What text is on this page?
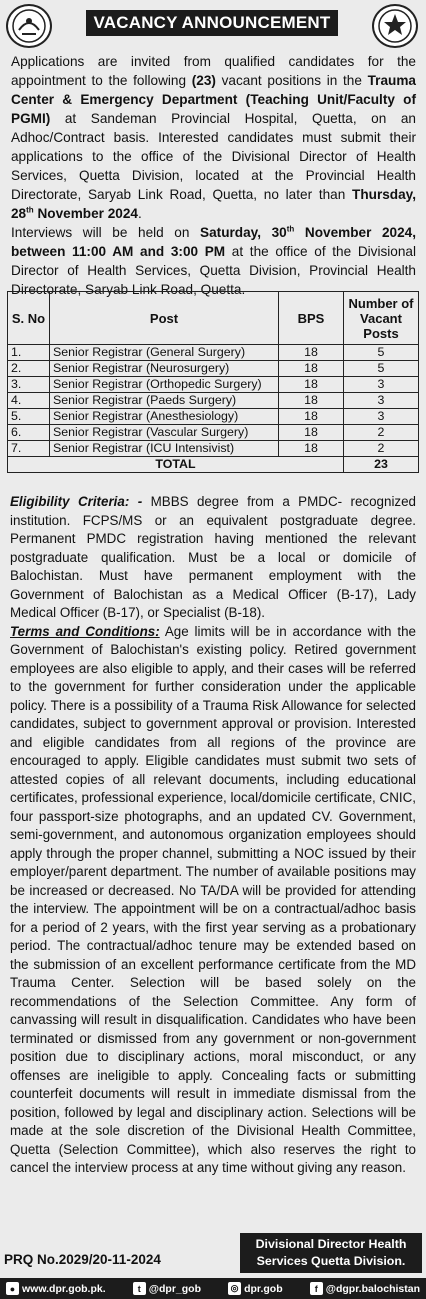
VACANCY ANNOUNCEMENT

Applications are invited from qualified candidates for the appointment to the following (23) vacant positions in the Trauma Center & Emergency Department (Teaching Unit/Faculty of PGMI) at Sandeman Provincial Hospital, Quetta, on an Adhoc/Contract basis. Interested candidates must submit their applications to the office of the Divisional Director of Health Services, Quetta Division, located at the Provincial Health Directorate, Saryab Link Road, Quetta, no later than Thursday, 28th November 2024.
Interviews will be held on Saturday, 30th November 2024, between 11:00 AM and 3:00 PM at the office of the Divisional Director of Health Services, Quetta Division, Provincial Health Directorate, Saryab Link Road, Quetta.

S. No	Post	BPS	Number of Vacant Posts
1.	Senior Registrar (General Surgery)	18	5
2.	Senior Registrar (Neurosurgery)	18	5
3.	Senior Registrar (Orthopedic Surgery)	18	3
4.	Senior Registrar (Paeds Surgery)	18	3
5.	Senior Registrar (Anesthesiology)	18	3
6.	Senior Registrar (Vascular Surgery)	18	2
7.	Senior Registrar (ICU Intensivist)	18	2
TOTAL			23

Eligibility Criteria: - MBBS degree from a PMDC- recognized institution. FCPS/MS or an equivalent postgraduate degree. Permanent PMDC registration having mentioned the relevant postgraduate qualification. Must be a local or domicile of Balochistan. Must have permanent employment with the Government of Balochistan as a Medical Officer (B-17), Lady Medical Officer (B-17), or Specialist (B-18).
Terms and Conditions: Age limits will be in accordance with the Government of Balochistan's existing policy. Retired government employees are also eligible to apply, and their cases will be referred to the government for further consideration under the applicable policy. There is a possibility of a Trauma Risk Allowance for selected candidates, subject to government approval or provision. Interested and eligible candidates from all regions of the province are encouraged to apply. Eligible candidates must submit two sets of attested copies of all relevant documents, including educational certificates, professional experience, local/domicile certificate, CNIC, four passport-size photographs, and an updated CV. Government, semi-government, and autonomous organization employees should apply through the proper channel, submitting a NOC issued by their employer/parent department. The number of available positions may be increased or decreased. No TA/DA will be provided for attending the interview. The appointment will be on a contractual/adhoc basis for a period of 2 years, with the first year serving as a probationary period. The contractual/adhoc tenure may be extended based on the submission of an excellent performance certificate from the MD Trauma Center. Selection will be based solely on the recommendations of the Selection Committee. Any form of canvassing will result in disqualification. Candidates who have been terminated or dismissed from any government or non-government position due to disciplinary actions, moral misconduct, or any offenses are ineligible to apply. Concealing facts or submitting counterfeit documents will result in immediate dismissal from the position, followed by legal and disciplinary action. Selections will be made at the sole discretion of the Divisional Health Committee, Quetta (Selection Committee), which also reserves the right to cancel the interview process at any time without giving any reason.

PRQ No.2029/20-11-2024
Divisional Director Health
Services Quetta Division.
● www.dpr.gob.pk.	t @dpr_gob	◎ dpr.gob	f @dgpr.balochistan
